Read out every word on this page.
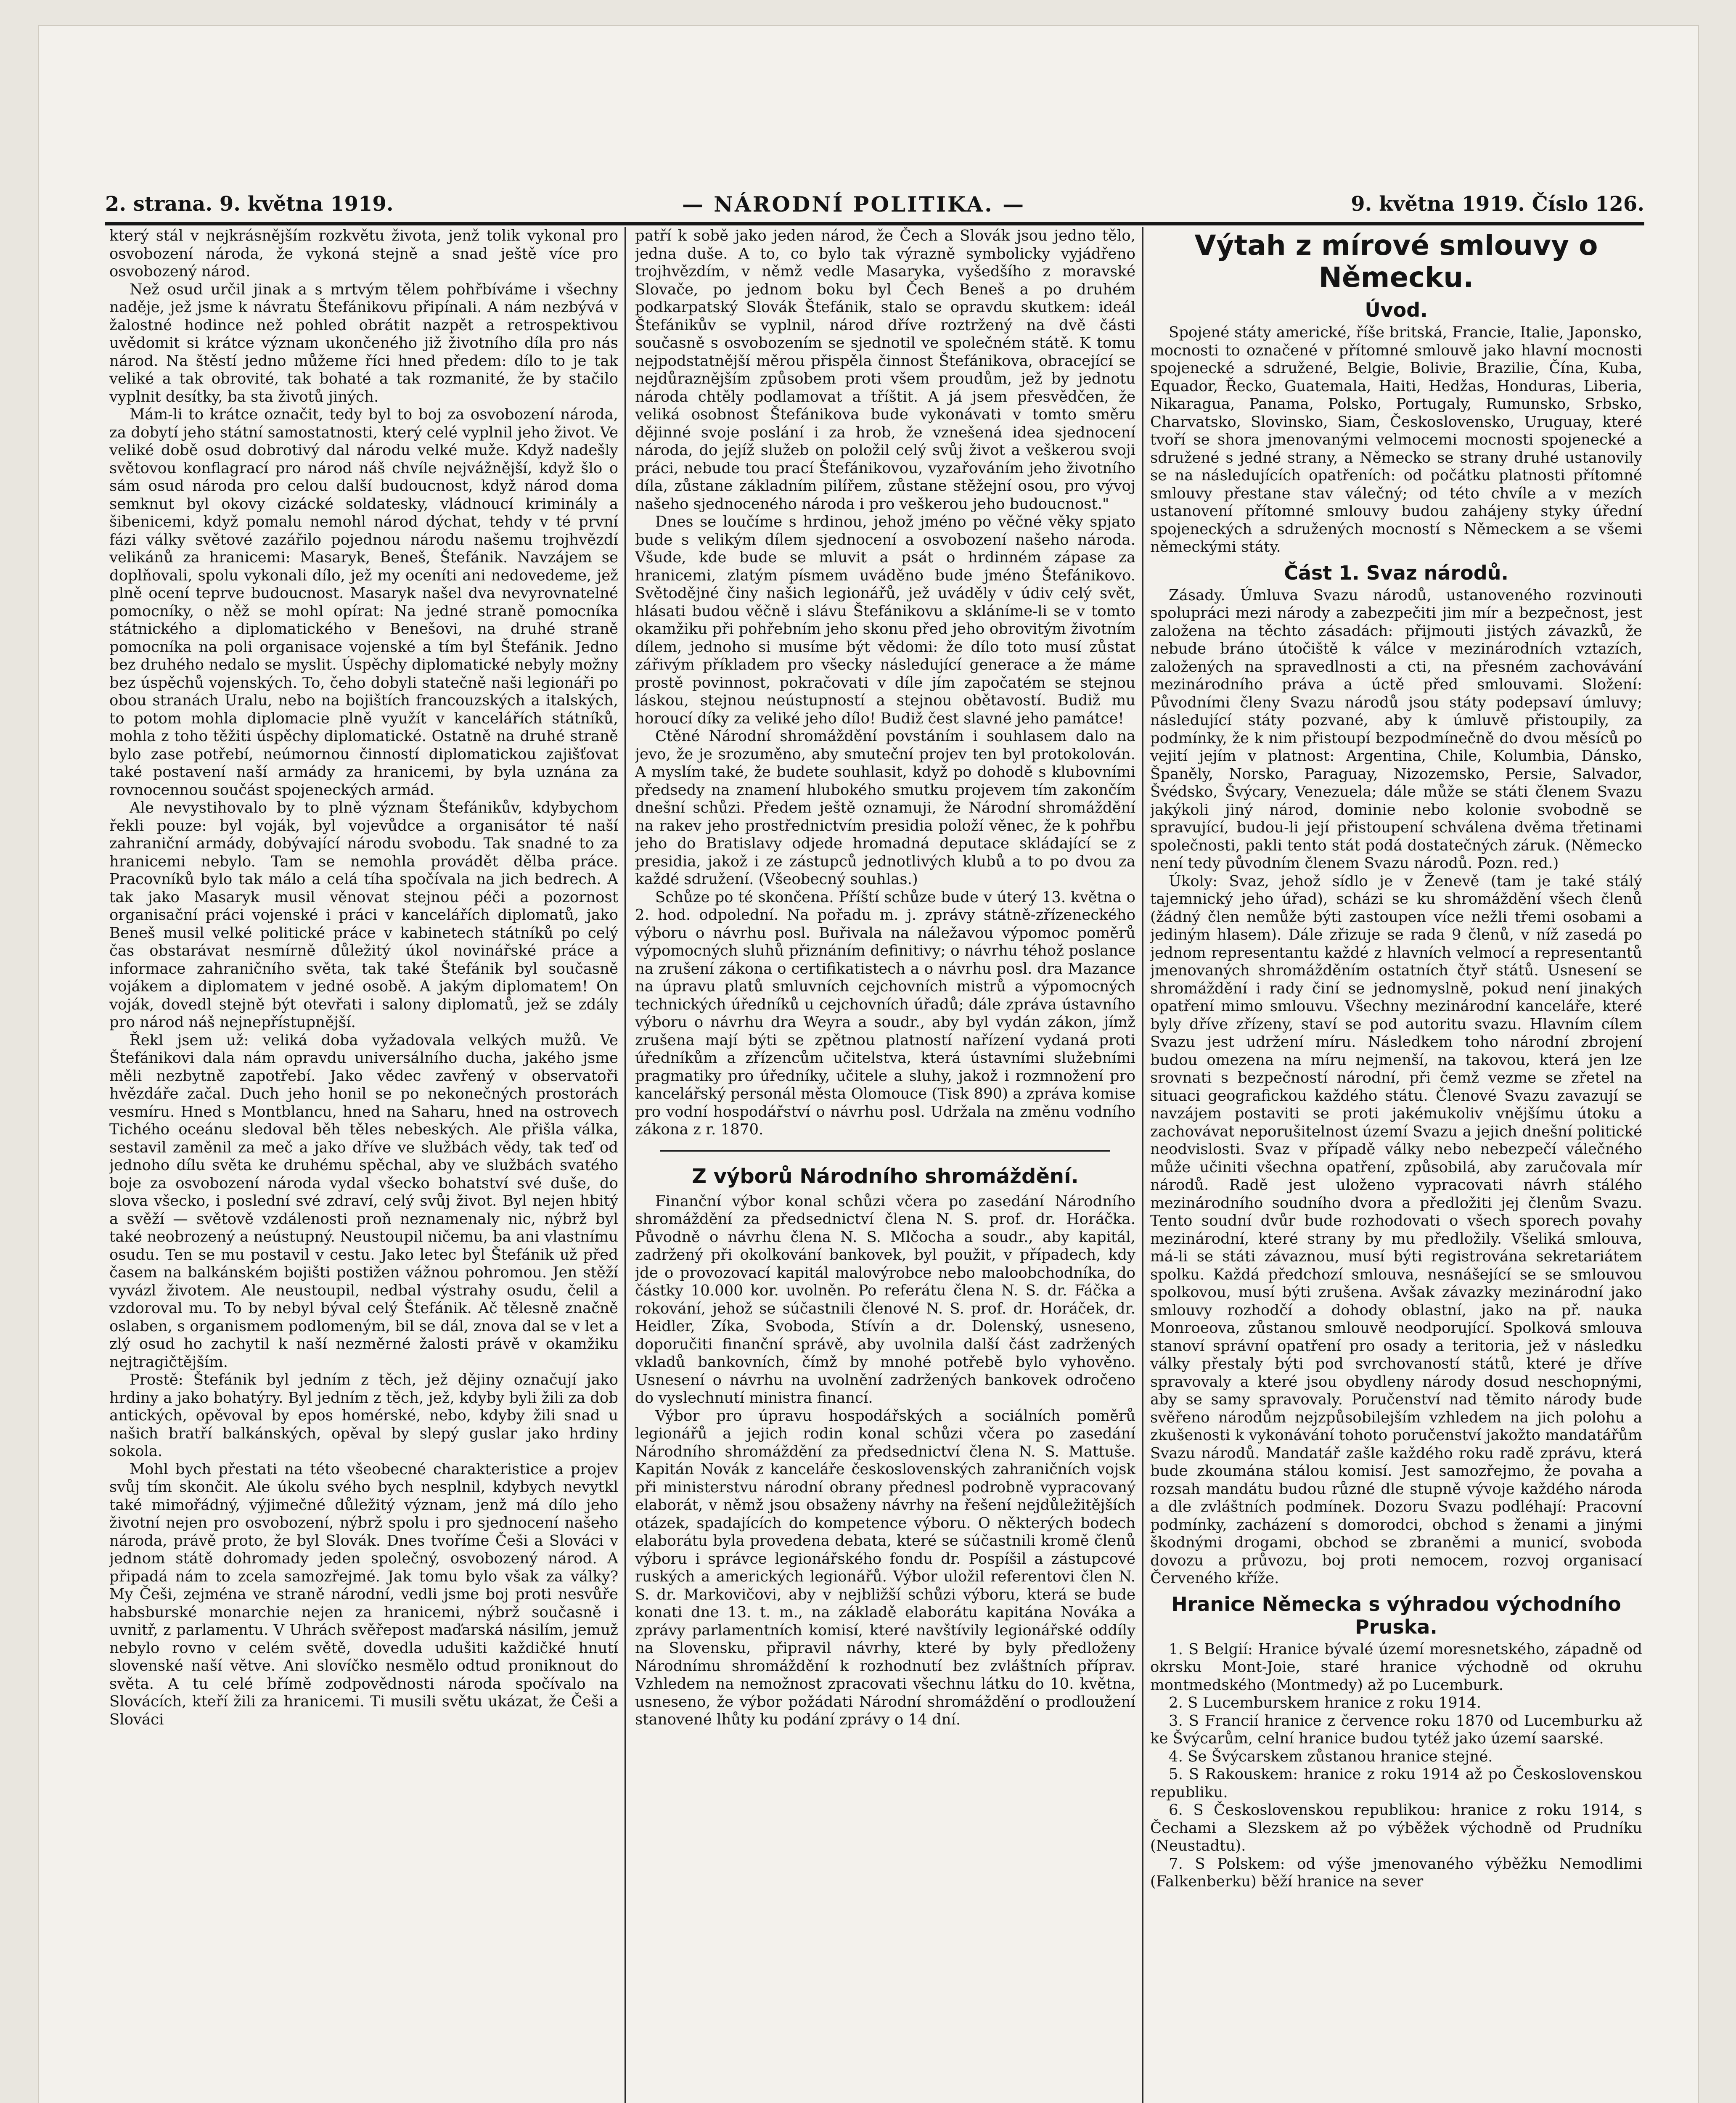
2. strana. 9. května 1919.	— NÁRODNÍ POLITIKA. —	9. května 1919. Číslo 126.

který stál v nejkrásnějším rozkvětu života, jenž tolik vykonal pro osvobození národa, že vykoná stejně a snad ještě více pro osvobozený národ.

Než osud určil jinak a s mrtvým tělem pohřbíváme i všechny naděje, jež jsme k návratu Štefánikovu připínali. A nám nezbývá v žalostné hodince než pohled obrátit nazpět a retrospektivou uvědomit si krátce význam ukončeného již životního díla pro nás národ. Na štěstí jedno můžeme říci hned předem: dílo to je tak veliké a tak obrovité, tak bohaté a tak rozmanité, že by stačilo vyplnit desítky, ba sta životů jiných.

Mám-li to krátce označit, tedy byl to boj za osvobození národa, za dobytí jeho státní samostatnosti, který celé vyplnil jeho život. Ve veliké době osud dobrotivý dal národu velké muže. Když nadešly světovou konflagrací pro národ náš chvíle nejvážnější, když šlo o sám osud národa pro celou další budoucnost, když národ doma semknut byl okovy cizácké soldatesky, vládnoucí kriminály a šibenicemi, když pomalu nemohl národ dýchat, tehdy v té první fázi války světové zazářilo pojednou národu našemu trojhvězdí velikánů za hranicemi: Masaryk, Beneš, Štefánik. Navzájem se doplňovali, spolu vykonali dílo, jež my oceníti ani nedovedeme, jež plně ocení teprve budoucnost. Masaryk našel dva nevyrovnatelné pomocníky, o něž se mohl opírat: Na jedné straně pomocníka státnického a diplomatického v Benešovi, na druhé straně pomocníka na poli organisace vojenské a tím byl Štefánik. Jedno bez druhého nedalo se myslit. Úspěchy diplomatické nebyly možny bez úspěchů vojenských. To, čeho dobyli statečně naši legionáři po obou stranách Uralu, nebo na bojištích francouzských a italských, to potom mohla diplomacie plně využít v kancelářích státníků, mohla z toho těžiti úspěchy diplomatické. Ostatně na druhé straně bylo zase potřebí, neúmornou činností diplomatickou zajišťovat také postavení naší armády za hranicemi, by byla uznána za rovnocennou součást spojeneckých armád.

Ale nevystihovalo by to plně význam Štefánikův, kdybychom řekli pouze: byl voják, byl vojevůdce a organisátor té naší zahraniční armády, dobývající národu svobodu. Tak snadné to za hranicemi nebylo. Tam se nemohla provádět dělba práce. Pracovníků bylo tak málo a celá tíha spočívala na jich bedrech. A tak jako Masaryk musil věnovat stejnou péči a pozornost organisační práci vojenské i práci v kancelářích diplomatů, jako Beneš musil velké politické práce v kabinetech státníků po celý čas obstarávat nesmírně důležitý úkol novinářské práce a informace zahraničního světa, tak také Štefánik byl současně vojákem a diplomatem v jedné osobě. A jakým diplomatem! On voják, dovedl stejně být otevřati i salony diplomatů, jež se zdály pro národ náš nejnepřístupnější.

Řekl jsem už: veliká doba vyžadovala velkých mužů. Ve Štefánikovi dala nám opravdu universálního ducha, jakého jsme měli nezbytně zapotřebí. Jako vědec zavřený v observatoři hvězdáře začal. Duch jeho honil se po nekonečných prostorách vesmíru. Hned s Montblancu, hned na Saharu, hned na ostrovech Tichého oceánu sledoval běh těles nebeských. Ale přišla válka, sestavil zaměnil za meč a jako dříve ve službách vědy, tak teď od jednoho dílu světa ke druhému spěchal, aby ve službách svatého boje za osvobození národa vydal všecko bohatství své duše, do slova všecko, i poslední své zdraví, celý svůj život. Byl nejen hbitý a svěží — světově vzdálenosti proň neznamenaly nic, nýbrž byl také neobrozený a neústupný. Neustoupil ničemu, ba ani vlastnímu osudu. Ten se mu postavil v cestu. Jako letec byl Štefánik už před časem na balkánském bojišti postižen vážnou pohromou. Jen stěží vyvázl životem. Ale neustoupil, nedbal výstrahy osudu, čelil a vzdoroval mu. To by nebyl býval celý Štefánik. Ač tělesně značně oslaben, s organismem podlomeným, bil se dál, znova dal se v let a zlý osud ho zachytil k naší nezměrné žalosti právě v okamžiku nejtragičtějším.

Prostě: Štefánik byl jedním z těch, jež dějiny označují jako hrdiny a jako bohatýry. Byl jedním z těch, jež, kdyby byli žili za dob antických, opěvoval by epos homérské, nebo, kdyby žili snad u našich bratří balkánských, opěval by slepý guslar jako hrdiny sokola.

Mohl bych přestati na této všeobecné charakteristice a projev svůj tím skončit. Ale úkolu svého bych nesplnil, kdybych nevytkl také mimořádný, výjimečné důležitý význam, jenž má dílo jeho životní nejen pro osvobození, nýbrž spolu i pro sjednocení našeho národa, právě proto, že byl Slovák. Dnes tvoříme Češi a Slováci v jednom státě dohromady jeden společný, osvobozený národ. A připadá nám to zcela samozřejmé. Jak tomu bylo však za války? My Češi, zejména ve straně národní, vedli jsme boj proti nesvůře habsburské monarchie nejen za hranicemi, nýbrž současně i uvnitř, z parlamentu. V Uhrách svěřepost maďarská násilím, jemuž nebylo rovno v celém světě, dovedla udušiti každičké hnutí slovenské naší větve. Ani slovíčko nesmělo odtud proniknout do světa. A tu celé břímě zodpovědnosti národa spočívalo na Slovácích, kteří žili za hranicemi. Ti musili světu ukázat, že Češi a Slováci

patří k sobě jako jeden národ, že Čech a Slovák jsou jedno tělo, jedna duše. A to, co bylo tak výrazně symbolicky vyjádřeno trojhvězdím, v němž vedle Masaryka, vyšedšího z moravské Slovače, po jednom boku byl Čech Beneš a po druhém podkarpatský Slovák Štefánik, stalo se opravdu skutkem: ideál Štefánikův se vyplnil, národ dříve roztržený na dvě části současně s osvobozením se sjednotil ve společném státě. K tomu nejpodstatnější měrou přispěla činnost Štefánikova, obracející se nejdůraznějším způsobem proti všem proudům, jež by jednotu národa chtěly podlamovat a tříštit. A já jsem přesvědčen, že veliká osobnost Štefánikova bude vykonávati v tomto směru dějinné svoje poslání i za hrob, že vznešená idea sjednocení národa, do jejíž služeb on položil celý svůj život a veškerou svoji práci, nebude tou prací Štefánikovou, vyzařováním jeho životního díla, zůstane základním pilířem, zůstane stěžejní osou, pro vývoj našeho sjednoceného národa i pro veškerou jeho budoucnost."

Dnes se loučíme s hrdinou, jehož jméno po věčné věky spjato bude s velikým dílem sjednocení a osvobození našeho národa. Všude, kde bude se mluvit a psát o hrdinném zápase za hranicemi, zlatým písmem uváděno bude jméno Štefánikovo. Světodějné činy našich legionářů, jež uváděly v údiv celý svět, hlásati budou věčně i slávu Štefánikovu a skláníme-li se v tomto okamžiku při pohřebním jeho skonu před jeho obrovitým životním dílem, jednoho si musíme být vědomi: že dílo toto musí zůstat zářivým příkladem pro všecky následující generace a že máme prostě povinnost, pokračovati v díle jím započatém se stejnou láskou, stejnou neústupností a stejnou obětavostí. Budiž mu horoucí díky za veliké jeho dílo! Budiž čest slavné jeho památce!

Ctěné Národní shromáždění povstáním i souhlasem dalo na jevo, že je srozuměno, aby smuteční projev ten byl protokolován. A myslím také, že budete souhlasit, když po dohodě s klubovními předsedy na znamení hlubokého smutku projevem tím zakončím dnešní schůzi. Předem ještě oznamuji, že Národní shromáždění na rakev jeho prostřednictvím presidia položí věnec, že k pohřbu jeho do Bratislavy odjede hromadná deputace skládající se z presidia, jakož i ze zástupců jednotlivých klubů a to po dvou za každé sdružení. (Všeobecný souhlas.)

Schůze po té skončena. Příští schůze bude v úterý 13. května o 2. hod. odpolední. Na pořadu m. j. zprávy státně-zřízeneckého výboru o návrhu posl. Buřivala na náležavou výpomoc poměrů výpomocných sluhů přiznáním definitivy; o návrhu téhož poslance na zrušení zákona o certifikatistech a o návrhu posl. dra Mazance na úpravu platů smluvních cejchovních mistrů a výpomocných technických úředníků u cejchovních úřadů; dále zpráva ústavního výboru o návrhu dra Weyra a soudr., aby byl vydán zákon, jímž zrušena mají býti se zpětnou platností nařízení vydaná proti úředníkům a zřízencům učitelstva, která ústavními služebními pragmatiky pro úředníky, učitele a sluhy, jakož i rozmnožení pro kancelářský personál města Olomouce (Tisk 890) a zpráva komise pro vodní hospodářství o návrhu posl. Udržala na změnu vodního zákona z r. 1870.

Z výborů Národního shromáždění.

Finanční výbor konal schůzi včera po zasedání Národního shromáždění za předsednictví člena N. S. prof. dr. Horáčka. Původně o návrhu člena N. S. Mlčocha a soudr., aby kapitál, zadržený při okolkování bankovek, byl použit, v případech, kdy jde o provozovací kapitál malovýrobce nebo maloobchodníka, do částky 10.000 kor. uvolněn. Po referátu člena N. S. dr. Fáčka a rokování, jehož se súčastnili členové N. S. prof. dr. Horáček, dr. Heidler, Zíka, Svoboda, Stívín a dr. Dolenský, usneseno, doporučiti finanční správě, aby uvolnila další část zadržených vkladů bankovních, čímž by mnohé potřebě bylo vyhověno. Usnesení o návrhu na uvolnění zadržených bankovek odročeno do vyslechnutí ministra financí.

Výbor pro úpravu hospodářských a sociálních poměrů legionářů a jejich rodin konal schůzi včera po zasedání Národního shromáždění za předsednictví člena N. S. Mattuše. Kapitán Novák z kanceláře československých zahraničních vojsk při ministerstvu národní obrany přednesl podrobně vypracovaný elaborát, v němž jsou obsaženy návrhy na řešení nejdůležitějších otázek, spadajících do kompetence výboru. O některých bodech elaborátu byla provedena debata, které se súčastnili kromě členů výboru i správce legionářského fondu dr. Pospíšil a zástupcové ruských a amerických legionářů. Výbor uložil referentovi člen N. S. dr. Markovičovi, aby v nejbližší schůzi výboru, která se bude konati dne 13. t. m., na základě elaborátu kapitána Nováka a zprávy parlamentních komisí, které navštívily legionářské oddíly na Slovensku, připravil návrhy, které by byly předloženy Národnímu shromáždění k rozhodnutí bez zvláštních příprav. Vzhledem na nemožnost zpracovati všechnu látku do 10. května, usneseno, že výbor požádati Národní shromáždění o prodloužení stanovené lhůty ku podání zprávy o 14 dní.

Výtah z mírové smlouvy o Německu.
Úvod.

Spojené státy americké, říše britská, Francie, Italie, Japonsko, mocnosti to označené v přítomné smlouvě jako hlavní mocnosti spojenecké a sdružené, Belgie, Bolivie, Brazilie, Čína, Kuba, Equador, Řecko, Guatemala, Haiti, Hedžas, Honduras, Liberia, Nikaragua, Panama, Polsko, Portugaly, Rumunsko, Srbsko, Charvatsko, Slovinsko, Siam, Československo, Uruguay, které tvoří se shora jmenovanými velmocemi mocnosti spojenecké a sdružené s jedné strany, a Německo se strany druhé ustanovily se na následujících opatřeních: od počátku platnosti přítomné smlouvy přestane stav válečný; od této chvíle a v mezích ustanovení přítomné smlouvy budou zahájeny styky úřední spojeneckých a sdružených mocností s Německem a se všemi německými státy.

Část 1. Svaz národů.

Zásady. Úmluva Svazu národů, ustanoveného rozvinouti spolupráci mezi národy a zabezpečiti jim mír a bezpečnost, jest založena na těchto zásadách: přijmouti jistých závazků, že nebude bráno útočiště k válce v mezinárodních vztazích, založených na spravedlnosti a cti, na přesném zachovávání mezinárodního práva a úctě před smlouvami. Složení: Původními členy Svazu národů jsou státy podepsaví úmluvy; následující státy pozvané, aby k úmluvě přistoupily, za podmínky, že k nim přistoupí bezpodmínečně do dvou měsíců po vejití jejím v platnost: Argentina, Chile, Kolumbia, Dánsko, Španěly, Norsko, Paraguay, Nizozemsko, Persie, Salvador, Švédsko, Švýcary, Venezuela; dále může se státi členem Svazu jakýkoli jiný národ, dominie nebo kolonie svobodně se spravující, budou-li její přistoupení schválena dvěma třetinami společnosti, pakli tento stát podá dostatečných záruk. (Německo není tedy původním členem Svazu národů. Pozn. red.)

Úkoly: Svaz, jehož sídlo je v Ženevě (tam je také stálý tajemnický jeho úřad), scházi se ku shromáždění všech členů (žádný člen nemůže býti zastoupen více nežli třemi osobami a jediným hlasem). Dále zřizuje se rada 9 členů, v níž zasedá po jednom representantu každé z hlavních velmocí a representantů jmenovaných shromážděním ostatních čtyř států. Usnesení se shromáždění i rady činí se jednomyslně, pokud není jinakých opatření mimo smlouvu. Všechny mezinárodní kanceláře, které byly dříve zřízeny, staví se pod autoritu svazu. Hlavním cílem Svazu jest udržení míru. Následkem toho národní zbrojení budou omezena na míru nejmenší, na takovou, která jen lze srovnati s bezpečností národní, při čemž vezme se zřetel na situaci geografickou každého státu. Členové Svazu zavazují se navzájem postaviti se proti jakémukoliv vnějšímu útoku a zachovávat neporušitelnost území Svazu a jejich dnešní politické neodvislosti. Svaz v případě války nebo nebezpečí válečného může učiniti všechna opatření, způsobilá, aby zaručovala mír národů. Radě jest uloženo vypracovati návrh stálého mezinárodního soudního dvora a předložiti jej členům Svazu. Tento soudní dvůr bude rozhodovati o všech sporech povahy mezinárodní, které strany by mu předložily. Všeliká smlouva, má-li se státi závaznou, musí býti registrována sekretariátem spolku. Každá předchozí smlouva, nesnášející se se smlouvou spolkovou, musí býti zrušena. Avšak závazky mezinárodní jako smlouvy rozhodčí a dohody oblastní, jako na př. nauka Monroeova, zůstanou smlouvě neodporující. Spolková smlouva stanoví správní opatření pro osady a teritoria, jež v následku války přestaly býti pod svrchovaností států, které je dříve spravovaly a které jsou obydleny národy dosud neschopnými, aby se samy spravovaly. Poručenství nad těmito národy bude svěřeno národům nejzpůsobilejším vzhledem na jich polohu a zkušenosti k vykonávání tohoto poručenství jakožto mandatářům Svazu národů. Mandatář zašle každého roku radě zprávu, která bude zkoumána stálou komisí. Jest samozřejmo, že povaha a rozsah mandátu budou různé dle stupně vývoje každého národa a dle zvláštních podmínek. Dozoru Svazu podléhají: Pracovní podmínky, zacházení s domorodci, obchod s ženami a jinými škodnými drogami, obchod se zbraněmi a municí, svoboda dovozu a průvozu, boj proti nemocem, rozvoj organisací Červeného kříže.

Hranice Německa s výhradou východního Pruska.

1. S Belgií: Hranice bývalé území moresnetského, západně od okrsku Mont-Joie, staré hranice východně od okruhu montmedského (Montmedy) až po Lucemburk.

2. S Lucemburskem hranice z roku 1914.

3. S Francií hranice z července roku 1870 od Lucemburku až ke Švýcarům, celní hranice budou tytéž jako území saarské.

4. Se Švýcarskem zůstanou hranice stejné.

5. S Rakouskem: hranice z roku 1914 až po Československou republiku.

6. S Československou republikou: hranice z roku 1914, s Čechami a Slezskem až po výběžek východně od Prudníku (Neustadtu).

7. S Polskem: od výše jmenovaného výběžku Nemodlimi (Falkenberku) běží hranice na sever
